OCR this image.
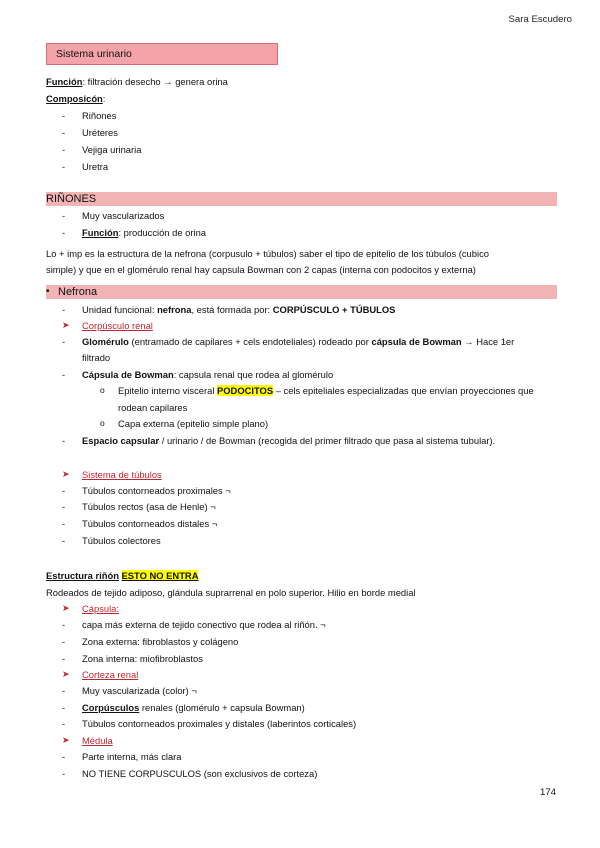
Sara Escudero
Sistema urinario
Función: filtración desecho → genera orina
Composicón:
- Riñones
- Uréteres
- Vejiga urinaria
- Uretra
RIÑONES
- Muy vascularizados
- Función: producción de orina
Lo + imp es la estructura de la nefrona (corpusulo + túbulos) saber el tipo de epitelio de los túbulos (cubico
simple) y que en el glomérulo renal hay capsula Bowman con 2 capas (interna con podocitos y externa)
• Nefrona
- Unidad funcional: nefrona, está formada por: CORPÚSCULO + TÚBULOS
➤ Corpúsculo renal
- Glomérulo (entramado de capilares + cels endoteliales) rodeado por cápsula de Bowman → Hace 1er
filtrado
- Cápsula de Bowman: capsula renal que rodea al glomérulo
o Epitelio interno visceral PODOCITOS – cels epiteliales especializadas que envían proyecciones que
rodean capilares
o Capa externa (epitelio simple plano)
- Espacio capsular / urinario / de Bowman (recogida del primer filtrado que pasa al sistema tubular).
➤ Sistema de túbulos
- Túbulos contorneados proximales ¬
- Túbulos rectos (asa de Henle) ¬
- Túbulos contorneados distales ¬
- Túbulos colectores
Estructura riñón ESTO NO ENTRA
Rodeados de tejido adiposo, glándula suprarrenal en polo superior. Hilio en borde medial
➤ Cápsula:
- capa más externa de tejido conectivo que rodea al riñón. ¬
- Zona externa: fibroblastos y colágeno
- Zona interna: miofibroblastos
➤ Corteza renal
- Muy vascularizada (color) ¬
- Corpúsculos renales (glomérulo + capsula Bowman)
- Túbulos contorneados proximales y distales (laberintos corticales)
➤ Médula
- Parte interna, más clara
- NO TIENE CORPUSCULOS (son exclusivos de corteza)
174
